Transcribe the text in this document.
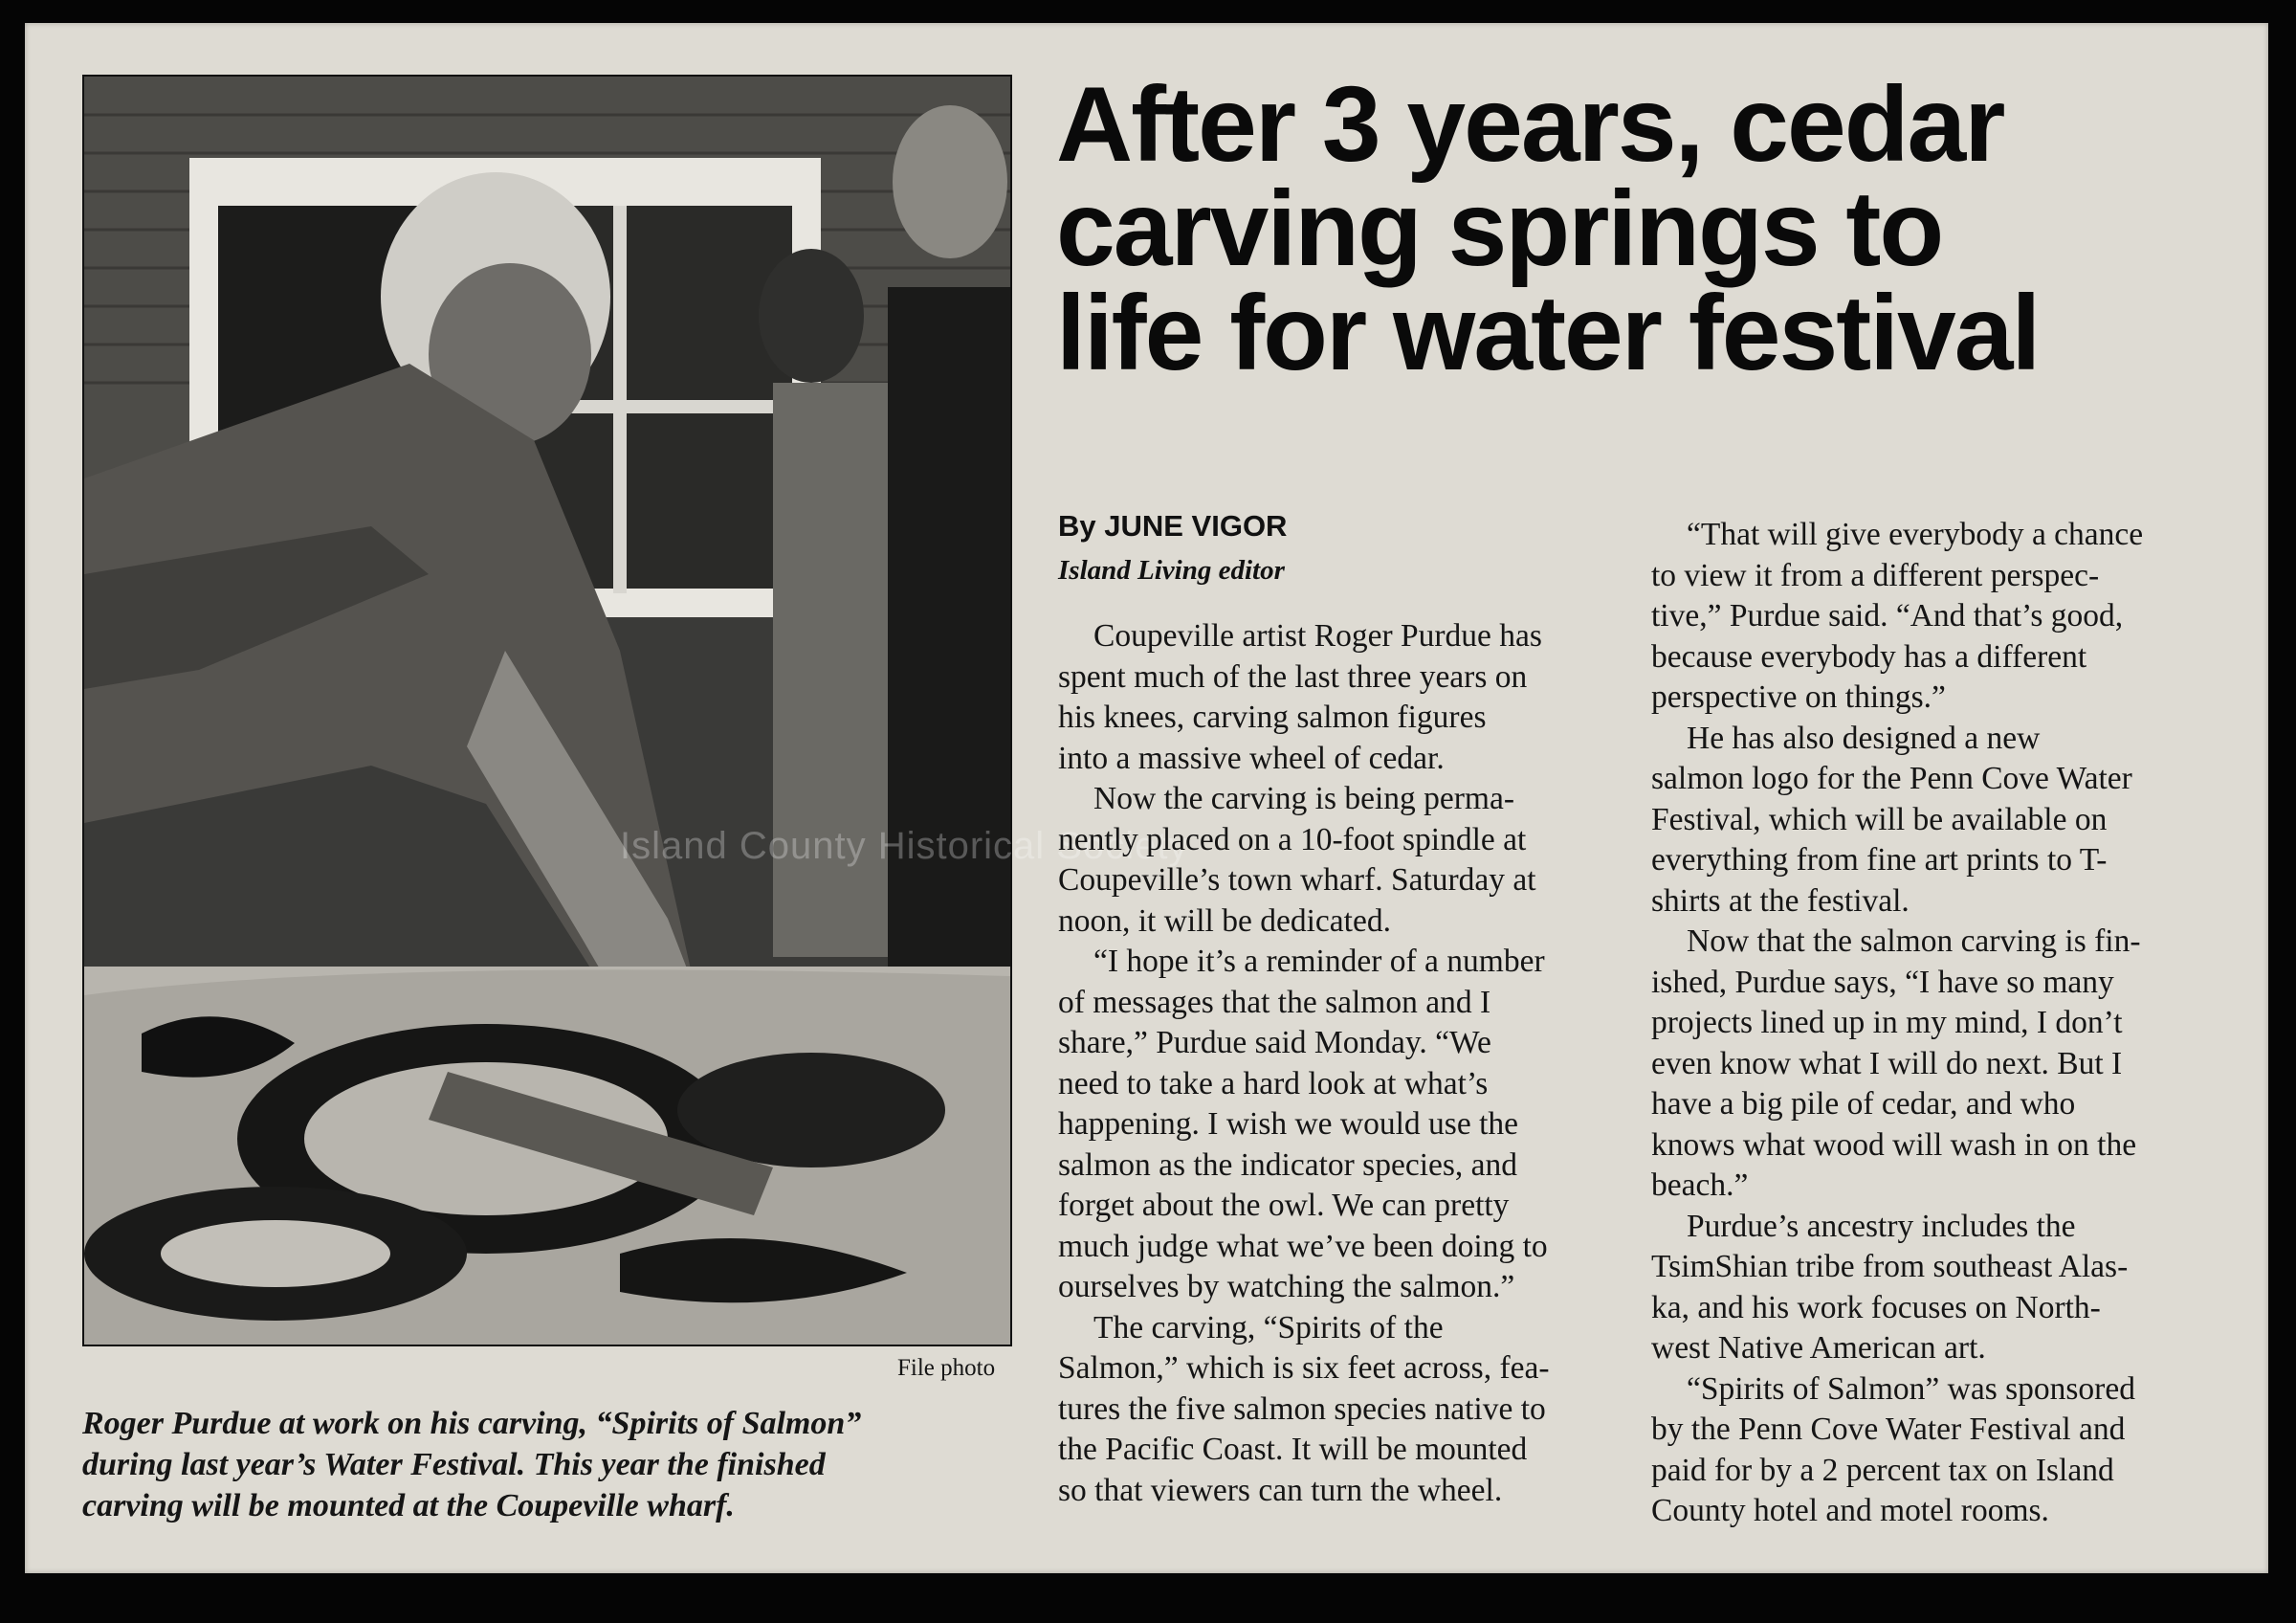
Island County Historical Society
File photo
Roger Purdue at work on his carving, “Spirits of Salmon”
during last year’s Water Festival. This year the finished
carving will be mounted at the Coupeville wharf.
After 3 years, cedar
carving springs to
life for water festival
By JUNE VIGOR
Island Living editor
Coupeville artist Roger Purdue has
spent much of the last three years on
his knees, carving salmon figures
into a massive wheel of cedar.
Now the carving is being perma-
nently placed on a 10-foot spindle at
Coupeville’s town wharf. Saturday at
noon, it will be dedicated.
“I hope it’s a reminder of a number
of messages that the salmon and I
share,” Purdue said Monday. “We
need to take a hard look at what’s
happening. I wish we would use the
salmon as the indicator species, and
forget about the owl. We can pretty
much judge what we’ve been doing to
ourselves by watching the salmon.”
The carving, “Spirits of the
Salmon,” which is six feet across, fea-
tures the five salmon species native to
the Pacific Coast. It will be mounted
so that viewers can turn the wheel.
“That will give everybody a chance
to view it from a different perspec-
tive,” Purdue said. “And that’s good,
because everybody has a different
perspective on things.”
He has also designed a new
salmon logo for the Penn Cove Water
Festival, which will be available on
everything from fine art prints to T-
shirts at the festival.
Now that the salmon carving is fin-
ished, Purdue says, “I have so many
projects lined up in my mind, I don’t
even know what I will do next. But I
have a big pile of cedar, and who
knows what wood will wash in on the
beach.”
Purdue’s ancestry includes the
TsimShian tribe from southeast Alas-
ka, and his work focuses on North-
west Native American art.
“Spirits of Salmon” was sponsored
by the Penn Cove Water Festival and
paid for by a 2 percent tax on Island
County hotel and motel rooms.
